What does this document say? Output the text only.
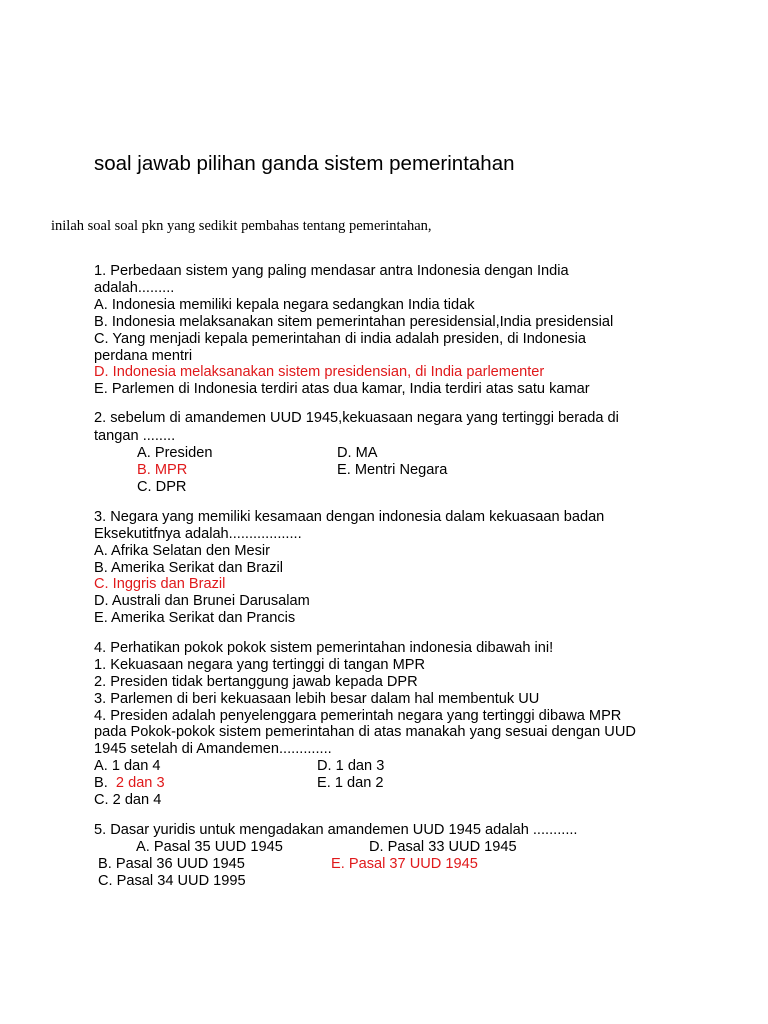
soal jawab pilihan ganda sistem pemerintahan
inilah soal soal pkn yang sedikit pembahas tentang pemerintahan,
1. Perbedaan sistem yang paling mendasar antra Indonesia dengan India
adalah.........
A. Indonesia memiliki kepala negara sedangkan India tidak
B. Indonesia melaksanakan sitem pemerintahan peresidensial,India presidensial
C. Yang menjadi kepala pemerintahan di india adalah presiden, di Indonesia
perdana mentri
D. Indonesia melaksanakan sistem presidensian, di India parlementer
E. Parlemen di Indonesia terdiri atas dua kamar, India terdiri atas satu kamar
2. sebelum di amandemen UUD 1945,kekuasaan negara yang tertinggi berada di
tangan ........
A. Presiden
B. MPR
C. DPR
D. MA
E. Mentri Negara
3. Negara yang memiliki kesamaan dengan indonesia dalam kekuasaan badan
Eksekutitfnya adalah..................
A. Afrika Selatan den Mesir
B. Amerika Serikat dan Brazil
C. Inggris dan Brazil
D. Australi dan Brunei Darusalam
E. Amerika Serikat dan Prancis
4. Perhatikan pokok pokok sistem pemerintahan indonesia dibawah ini!
1. Kekuasaan negara yang tertinggi di tangan MPR
2. Presiden tidak bertanggung jawab kepada DPR
3. Parlemen di beri kekuasaan lebih besar dalam hal membentuk UU
4. Presiden adalah penyelenggara pemerintah negara yang tertinggi dibawa MPR
pada Pokok-pokok sistem pemerintahan di atas manakah yang sesuai dengan UUD
1945 setelah di Amandemen.............
A. 1 dan 4
B. 2 dan 3
C. 2 dan 4
D. 1 dan 3
E. 1 dan 2
5. Dasar yuridis untuk mengadakan amandemen UUD 1945 adalah ...........
A. Pasal 35 UUD 1945
B. Pasal 36 UUD 1945
C. Pasal 34 UUD 1995
D. Pasal 33 UUD 1945
E. Pasal 37 UUD 1945
